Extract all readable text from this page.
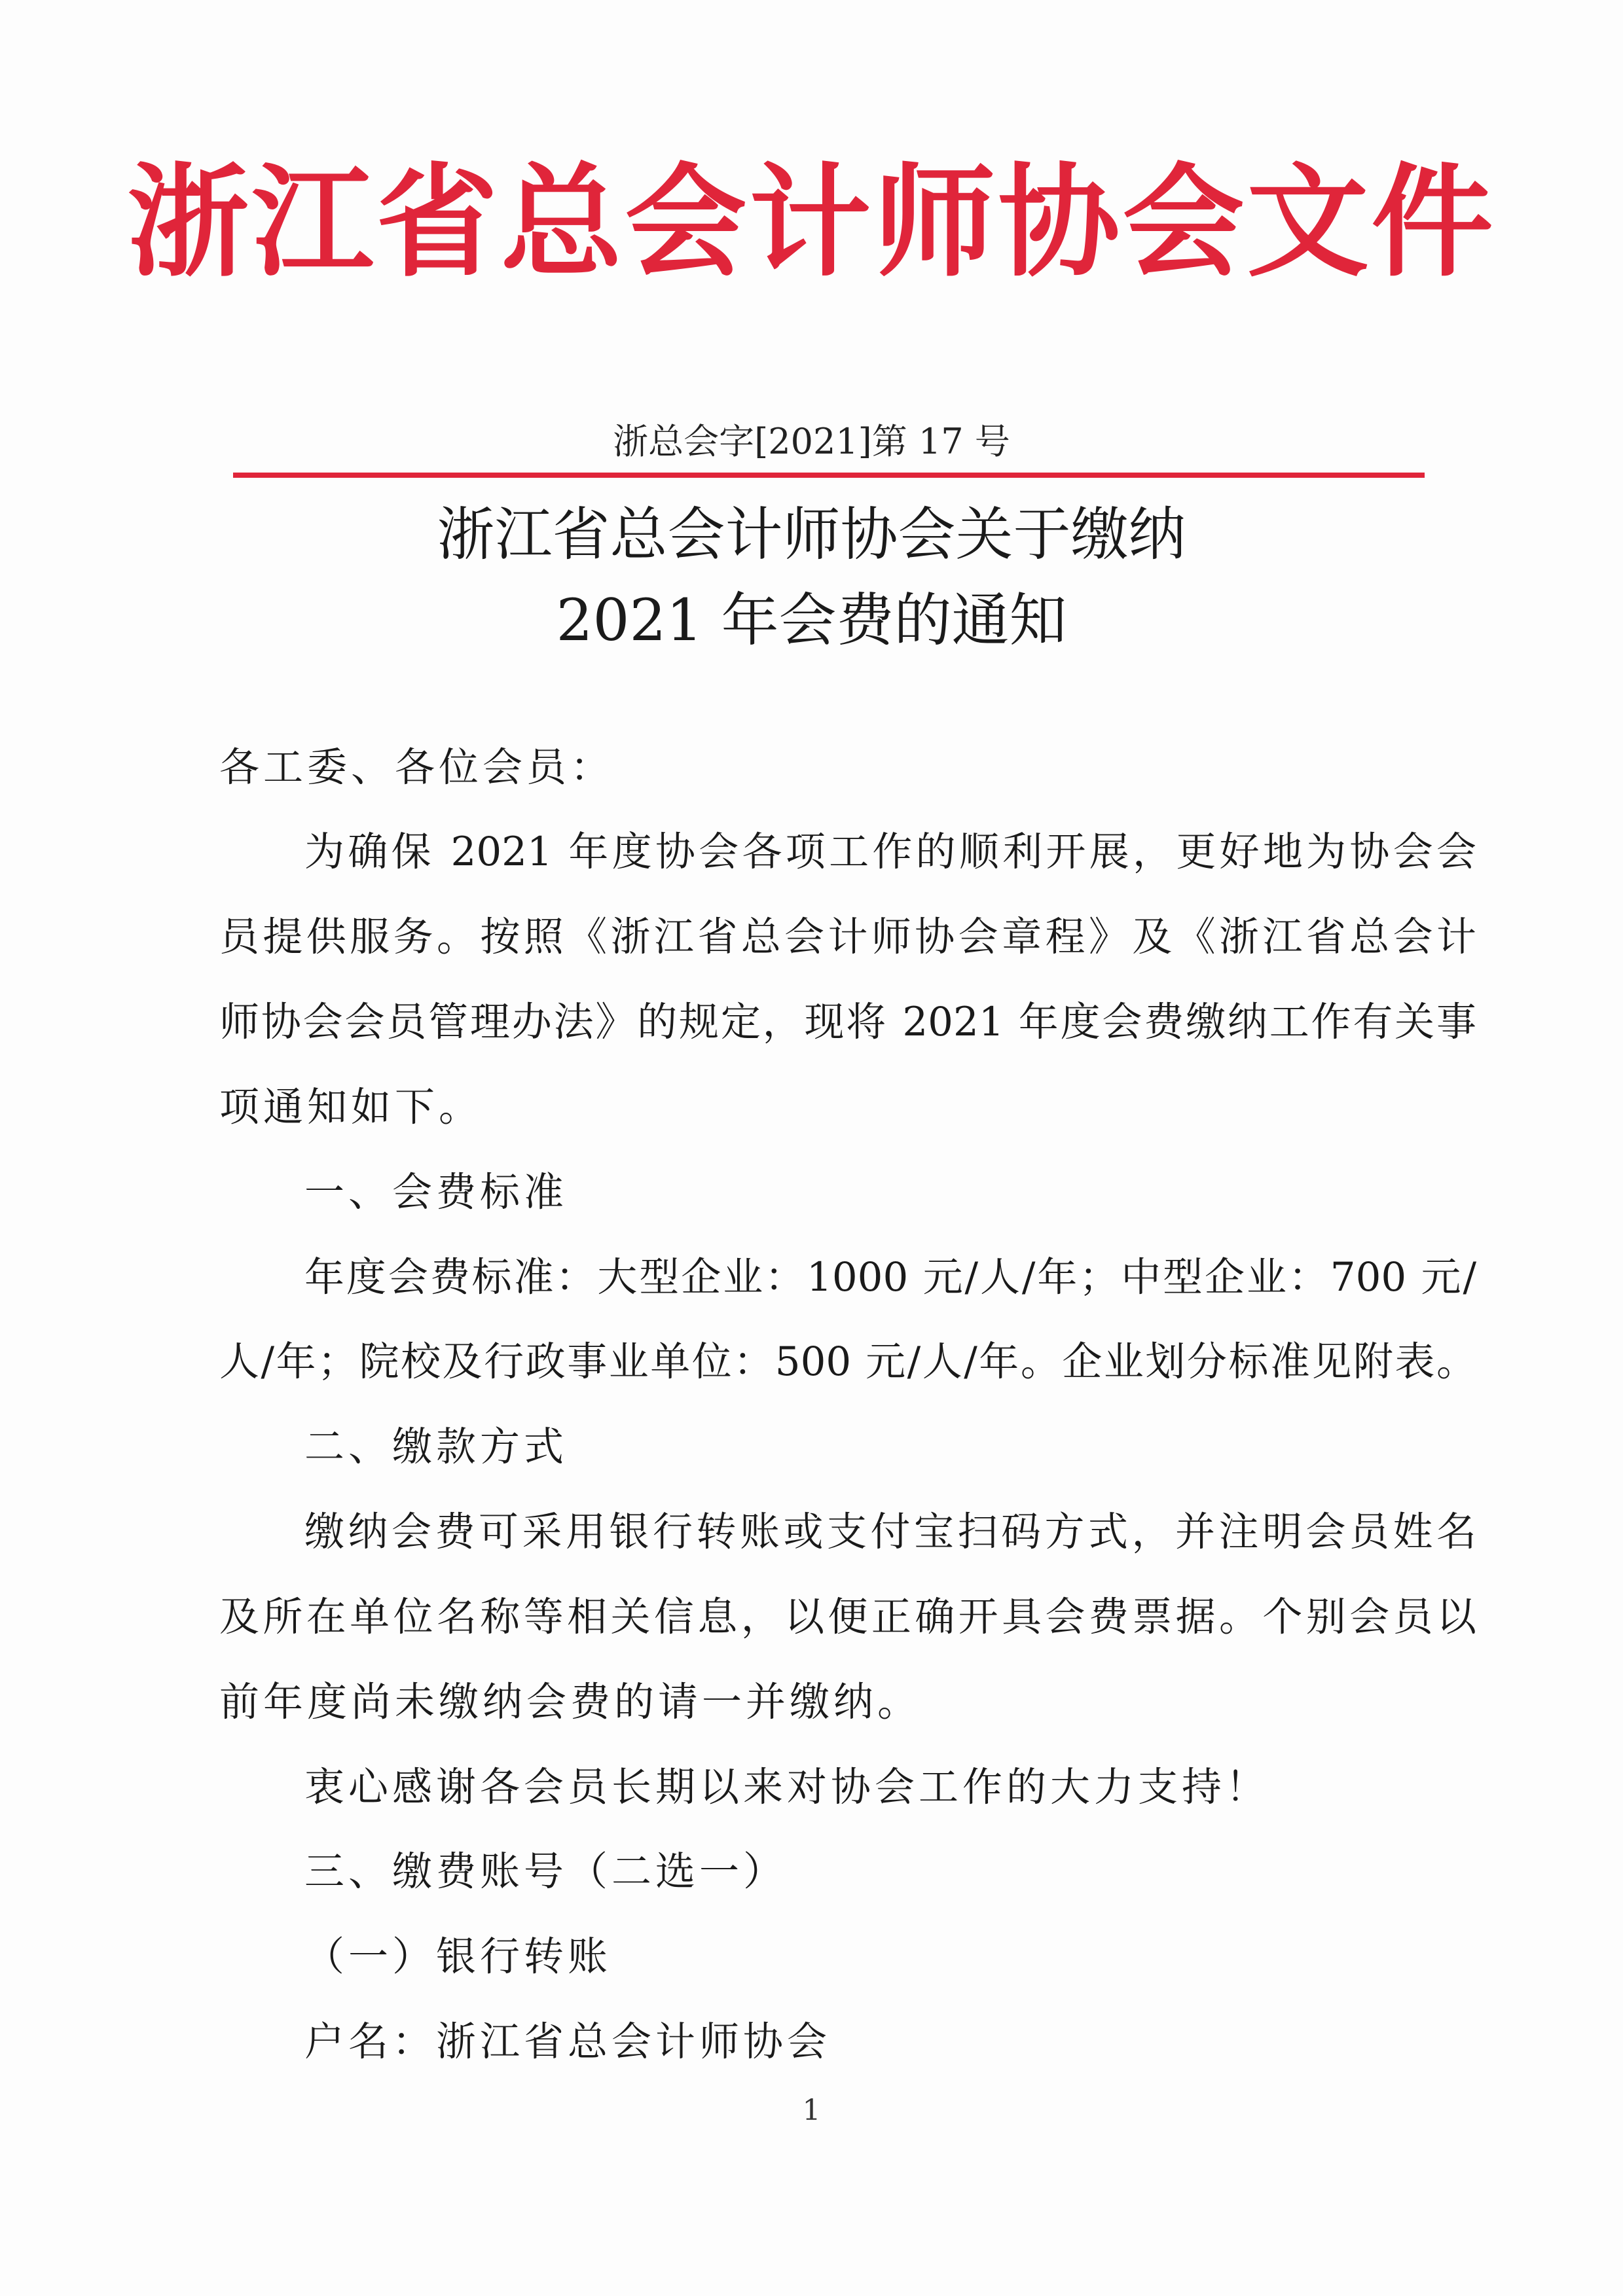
浙江省总会计师协会文件
浙总会字[2021]第 17 号
浙江省总会计师协会关于缴纳
2021 年会费的通知
各工委、各位会员：
为确保 2021 年度协会各项工作的顺利开展，更好地为协会会
员提供服务。按照《浙江省总会计师协会章程》及《浙江省总会计
师协会会员管理办法》的规定，现将 2021 年度会费缴纳工作有关事
项通知如下。
一、会费标准
年度会费标准：大型企业：1000 元/人/年；中型企业：700 元/
人/年；院校及行政事业单位：500 元/人/年。企业划分标准见附表。
二、缴款方式
缴纳会费可采用银行转账或支付宝扫码方式，并注明会员姓名
及所在单位名称等相关信息，以便正确开具会费票据。个别会员以
前年度尚未缴纳会费的请一并缴纳。
衷心感谢各会员长期以来对协会工作的大力支持！
三、缴费账号（二选一）
（一）银行转账
户名：浙江省总会计师协会
1
